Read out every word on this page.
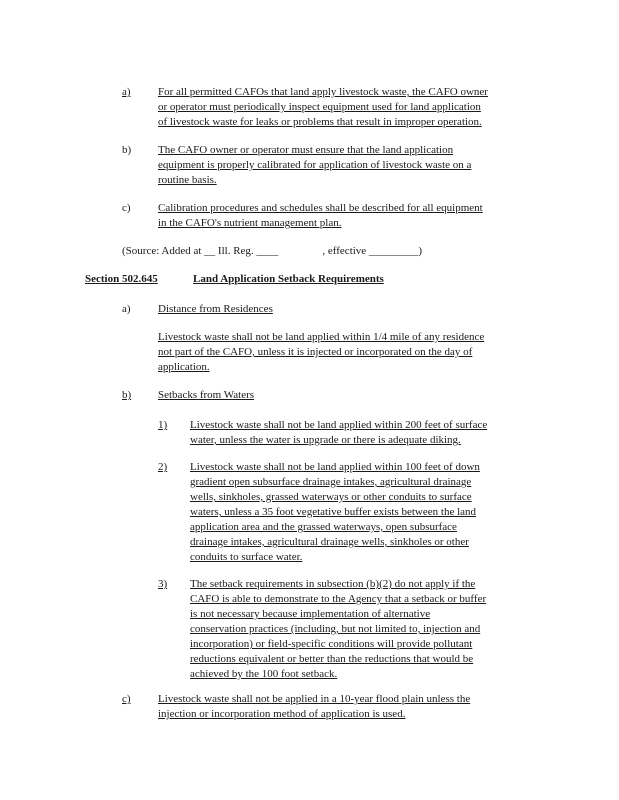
a) For all permitted CAFOs that land apply livestock waste, the CAFO owner
or operator must periodically inspect equipment used for land application
of livestock waste for leaks or problems that result in improper operation.
b) The CAFO owner or operator must ensure that the land application
equipment is properly calibrated for application of livestock waste on a
routine basis.
c) Calibration procedures and schedules shall be described for all equipment
in the CAFO's nutrient management plan.
(Source: Added at __ Ill. Reg. ____                , effective _________)
Section 502.645	Land Application Setback Requirements
a) Distance from Residences
Livestock waste shall not be land applied within 1/4 mile of any residence
not part of the CAFO, unless it is injected or incorporated on the day of
application.
b) Setbacks from Waters
1) Livestock waste shall not be land applied within 200 feet of surface
water, unless the water is upgrade or there is adequate diking.
2) Livestock waste shall not be land applied within 100 feet of down
gradient open subsurface drainage intakes, agricultural drainage
wells, sinkholes, grassed waterways or other conduits to surface
waters, unless a 35 foot vegetative buffer exists between the land
application area and the grassed waterways, open subsurface
drainage intakes, agricultural drainage wells, sinkholes or other
conduits to surface water.
3) The setback requirements in subsection (b)(2) do not apply if the
CAFO is able to demonstrate to the Agency that a setback or buffer
is not necessary because implementation of alternative
conservation practices (including, but not limited to, injection and
incorporation) or field-specific conditions will provide pollutant
reductions equivalent or better than the reductions that would be
achieved by the 100 foot setback.
c) Livestock waste shall not be applied in a 10-year flood plain unless the
injection or incorporation method of application is used.
